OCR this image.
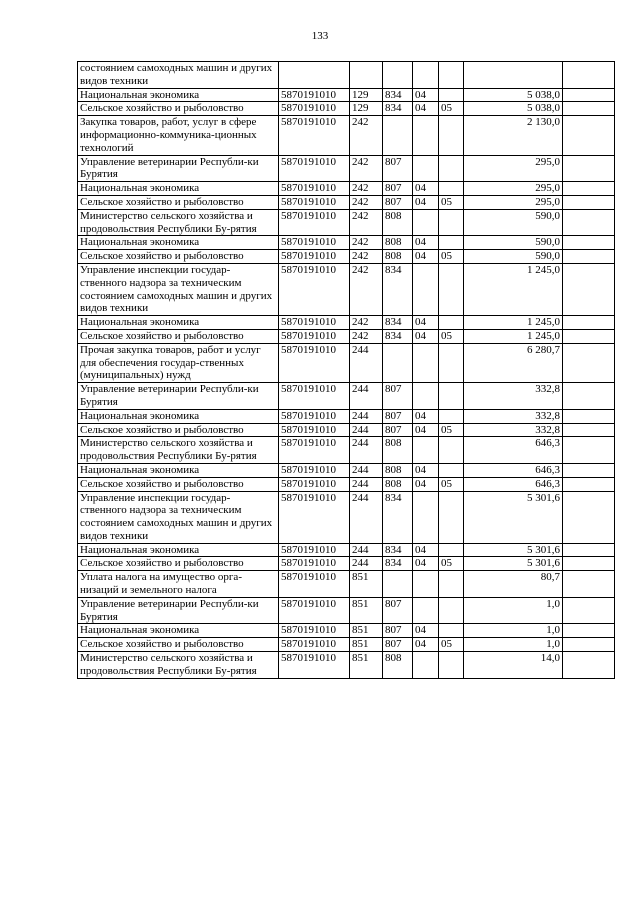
133
состоянием самоходных машин и других видов техники							
Национальная экономика	5870191010	129	834	04		5 038,0	
Сельское хозяйство и рыболовство	5870191010	129	834	04	05	5 038,0	
Закупка товаров, работ, услуг в сфере информационно-коммуника-ционных технологий	5870191010	242				2 130,0	
Управление ветеринарии Республи-ки Бурятия	5870191010	242	807			295,0	
Национальная экономика	5870191010	242	807	04		295,0	
Сельское хозяйство и рыболовство	5870191010	242	807	04	05	295,0	
Министерство сельского хозяйства и продовольствия Республики Бу-рятия	5870191010	242	808			590,0	
Национальная экономика	5870191010	242	808	04		590,0	
Сельское хозяйство и рыболовство	5870191010	242	808	04	05	590,0	
Управление инспекции государ-ственного надзора за техническим состоянием самоходных машин и других видов техники	5870191010	242	834			1 245,0	
Национальная экономика	5870191010	242	834	04		1 245,0	
Сельское хозяйство и рыболовство	5870191010	242	834	04	05	1 245,0	
Прочая закупка товаров, работ и услуг для обеспечения государ-ственных (муниципальных) нужд	5870191010	244				6 280,7	
Управление ветеринарии Республи-ки Бурятия	5870191010	244	807			332,8	
Национальная экономика	5870191010	244	807	04		332,8	
Сельское хозяйство и рыболовство	5870191010	244	807	04	05	332,8	
Министерство сельского хозяйства и продовольствия Республики Бу-рятия	5870191010	244	808			646,3	
Национальная экономика	5870191010	244	808	04		646,3	
Сельское хозяйство и рыболовство	5870191010	244	808	04	05	646,3	
Управление инспекции государ-ственного надзора за техническим состоянием самоходных машин и других видов техники	5870191010	244	834			5 301,6	
Национальная экономика	5870191010	244	834	04		5 301,6	
Сельское хозяйство и рыболовство	5870191010	244	834	04	05	5 301,6	
Уплата налога на имущество орга-низаций и земельного налога	5870191010	851				80,7	
Управление ветеринарии Республи-ки Бурятия	5870191010	851	807			1,0	
Национальная экономика	5870191010	851	807	04		1,0	
Сельское хозяйство и рыболовство	5870191010	851	807	04	05	1,0	
Министерство сельского хозяйства и продовольствия Республики Бу-рятия	5870191010	851	808			14,0	
